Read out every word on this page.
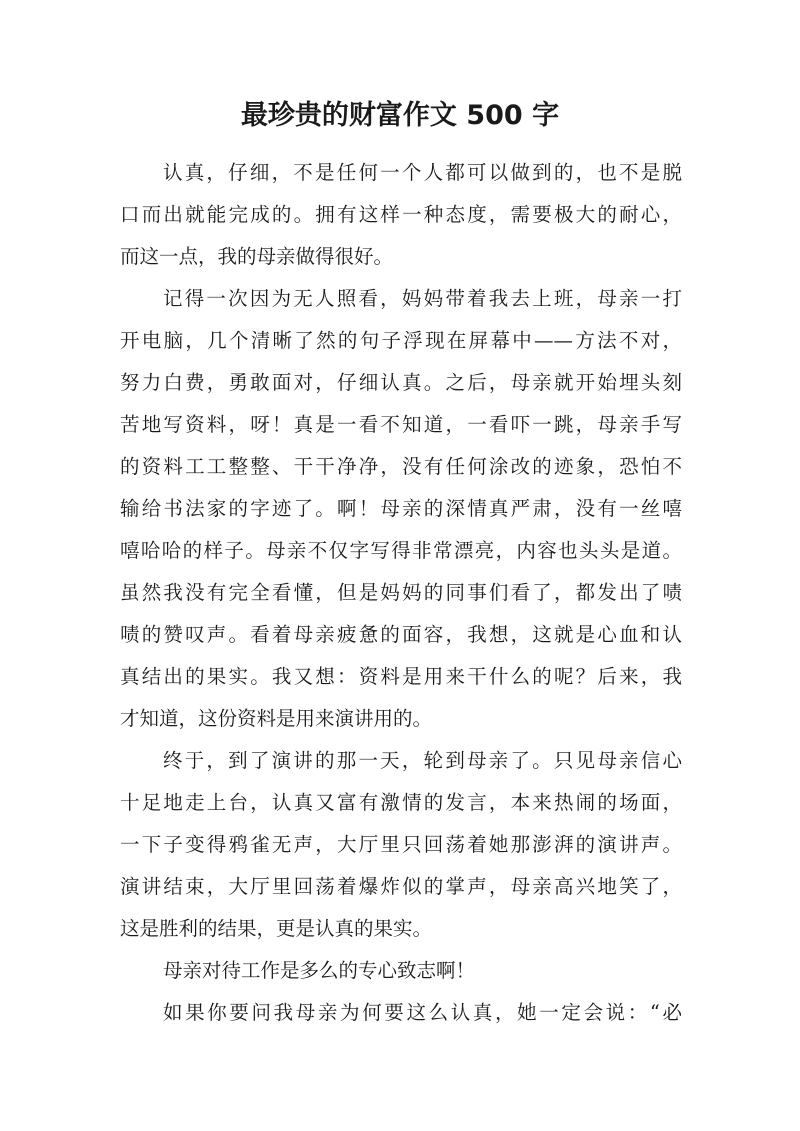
最珍贵的财富作文 500 字
认真，仔细，不是任何一个人都可以做到的，也不是脱
口而出就能完成的。拥有这样一种态度，需要极大的耐心，
而这一点，我的母亲做得很好。
记得一次因为无人照看，妈妈带着我去上班，母亲一打
开电脑，几个清晰了然的句子浮现在屏幕中——方法不对，
努力白费，勇敢面对，仔细认真。之后，母亲就开始埋头刻
苦地写资料，呀！真是一看不知道，一看吓一跳，母亲手写
的资料工工整整、干干净净，没有任何涂改的迹象，恐怕不
输给书法家的字迹了。啊！母亲的深情真严肃，没有一丝嘻
嘻哈哈的样子。母亲不仅字写得非常漂亮，内容也头头是道。
虽然我没有完全看懂，但是妈妈的同事们看了，都发出了啧
啧的赞叹声。看着母亲疲惫的面容，我想，这就是心血和认
真结出的果实。我又想：资料是用来干什么的呢？后来，我
才知道，这份资料是用来演讲用的。
终于，到了演讲的那一天，轮到母亲了。只见母亲信心
十足地走上台，认真又富有激情的发言，本来热闹的场面，
一下子变得鸦雀无声，大厅里只回荡着她那澎湃的演讲声。
演讲结束，大厅里回荡着爆炸似的掌声，母亲高兴地笑了，
这是胜利的结果，更是认真的果实。
母亲对待工作是多么的专心致志啊！
如果你要问我母亲为何要这么认真，她一定会说：“必
